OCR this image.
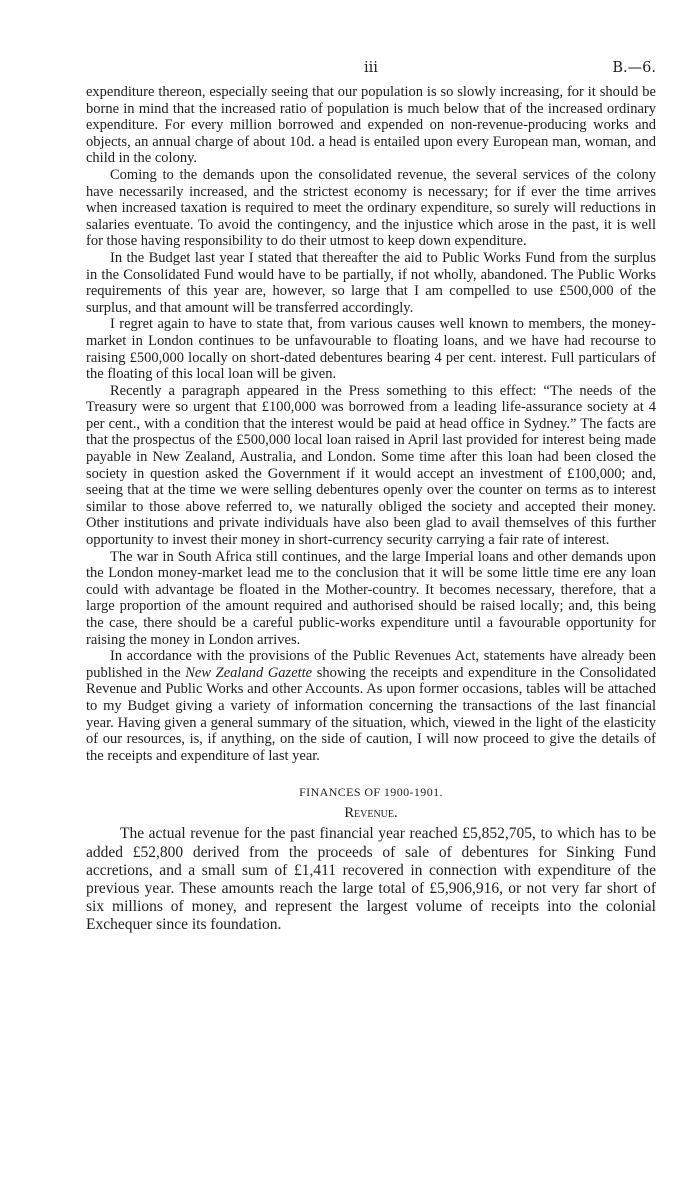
iii	B.—6.

expenditure thereon, especially seeing that our population is so slowly increasing, for it should be borne in mind that the increased ratio of population is much below that of the increased ordinary expenditure. For every million borrowed and expended on non-revenue-producing works and objects, an annual charge of about 10d. a head is entailed upon every European man, woman, and child in the colony.

Coming to the demands upon the consolidated revenue, the several services of the colony have necessarily increased, and the strictest economy is necessary; for if ever the time arrives when increased taxation is required to meet the ordinary expenditure, so surely will reductions in salaries eventuate. To avoid the contingency, and the injustice which arose in the past, it is well for those having responsibility to do their utmost to keep down expenditure.

In the Budget last year I stated that thereafter the aid to Public Works Fund from the surplus in the Consolidated Fund would have to be partially, if not wholly, abandoned. The Public Works requirements of this year are, however, so large that I am compelled to use £500,000 of the surplus, and that amount will be transferred accordingly.

I regret again to have to state that, from various causes well known to members, the money-market in London continues to be unfavourable to floating loans, and we have had recourse to raising £500,000 locally on short-dated debentures bearing 4 per cent. interest. Full particulars of the floating of this local loan will be given.

Recently a paragraph appeared in the Press something to this effect: “The needs of the Treasury were so urgent that £100,000 was borrowed from a leading life-assurance society at 4 per cent., with a condition that the interest would be paid at head office in Sydney.” The facts are that the prospectus of the £500,000 local loan raised in April last provided for interest being made payable in New Zealand, Australia, and London. Some time after this loan had been closed the society in question asked the Government if it would accept an investment of £100,000; and, seeing that at the time we were selling debentures openly over the counter on terms as to interest similar to those above referred to, we naturally obliged the society and accepted their money. Other institutions and private individuals have also been glad to avail themselves of this further opportunity to invest their money in short-currency security carrying a fair rate of interest.

The war in South Africa still continues, and the large Imperial loans and other demands upon the London money-market lead me to the conclusion that it will be some little time ere any loan could with advantage be floated in the Mother-country. It becomes necessary, therefore, that a large proportion of the amount required and authorised should be raised locally; and, this being the case, there should be a careful public-works expenditure until a favourable opportunity for raising the money in London arrives.

In accordance with the provisions of the Public Revenues Act, statements have already been published in the New Zealand Gazette showing the receipts and expenditure in the Consolidated Revenue and Public Works and other Accounts. As upon former occasions, tables will be attached to my Budget giving a variety of information concerning the transactions of the last financial year. Having given a general summary of the situation, which, viewed in the light of the elasticity of our resources, is, if anything, on the side of caution, I will now proceed to give the details of the receipts and expenditure of last year.

FINANCES OF 1900-1901.
Revenue.

The actual revenue for the past financial year reached £5,852,705, to which has to be added £52,800 derived from the proceeds of sale of debentures for Sinking Fund accretions, and a small sum of £1,411 recovered in connection with expenditure of the previous year. These amounts reach the large total of £5,906,916, or not very far short of six millions of money, and represent the largest volume of receipts into the colonial Exchequer since its foundation.
